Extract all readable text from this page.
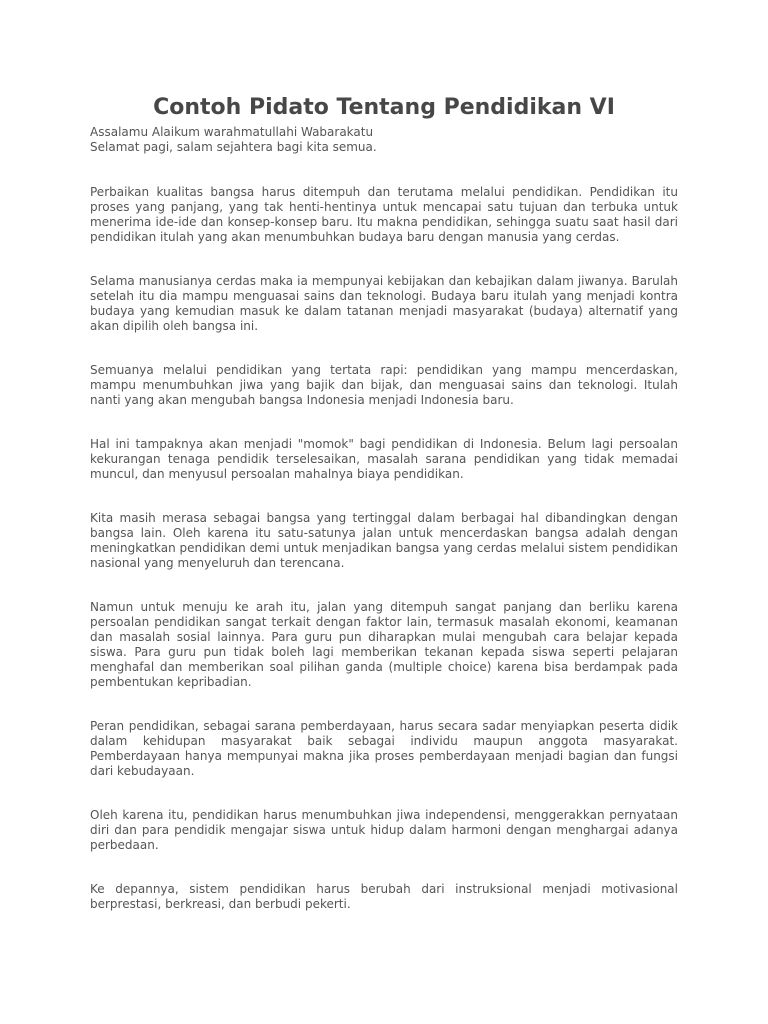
Contoh Pidato Tentang Pendidikan VI
Assalamu Alaikum warahmatullahi Wabarakatu
Selamat pagi, salam sejahtera bagi kita semua.

Perbaikan kualitas bangsa harus ditempuh dan terutama melalui pendidikan. Pendidikan itu proses yang panjang, yang tak henti-hentinya untuk mencapai satu tujuan dan terbuka untuk menerima ide-ide dan konsep-konsep baru. Itu makna pendidikan, sehingga suatu saat hasil dari pendidikan itulah yang akan menumbuhkan budaya baru dengan manusia yang cerdas.

Selama manusianya cerdas maka ia mempunyai kebijakan dan kebajikan dalam jiwanya. Barulah setelah itu dia mampu menguasai sains dan teknologi. Budaya baru itulah yang menjadi kontra budaya yang kemudian masuk ke dalam tatanan menjadi masyarakat (budaya) alternatif yang akan dipilih oleh bangsa ini.

Semuanya melalui pendidikan yang tertata rapi: pendidikan yang mampu mencerdaskan, mampu menumbuhkan jiwa yang bajik dan bijak, dan menguasai sains dan teknologi. Itulah nanti yang akan mengubah bangsa Indonesia menjadi Indonesia baru.

Hal ini tampaknya akan menjadi "momok" bagi pendidikan di Indonesia. Belum lagi persoalan kekurangan tenaga pendidik terselesaikan, masalah sarana pendidikan yang tidak memadai muncul, dan menyusul persoalan mahalnya biaya pendidikan.

Kita masih merasa sebagai bangsa yang tertinggal dalam berbagai hal dibandingkan dengan bangsa lain. Oleh karena itu satu-satunya jalan untuk mencerdaskan bangsa adalah dengan meningkatkan pendidikan demi untuk menjadikan bangsa yang cerdas melalui sistem pendidikan nasional yang menyeluruh dan terencana.

Namun untuk menuju ke arah itu, jalan yang ditempuh sangat panjang dan berliku karena persoalan pendidikan sangat terkait dengan faktor lain, termasuk masalah ekonomi, keamanan dan masalah sosial lainnya. Para guru pun diharapkan mulai mengubah cara belajar kepada siswa. Para guru pun tidak boleh lagi memberikan tekanan kepada siswa seperti pelajaran menghafal dan memberikan soal pilihan ganda (multiple choice) karena bisa berdampak pada pembentukan kepribadian.

Peran pendidikan, sebagai sarana pemberdayaan, harus secara sadar menyiapkan peserta didik dalam kehidupan masyarakat baik sebagai individu maupun anggota masyarakat. Pemberdayaan hanya mempunyai makna jika proses pemberdayaan menjadi bagian dan fungsi dari kebudayaan.

Oleh karena itu, pendidikan harus menumbuhkan jiwa independensi, menggerakkan pernyataan diri dan para pendidik mengajar siswa untuk hidup dalam harmoni dengan menghargai adanya perbedaan.

Ke depannya, sistem pendidikan harus berubah dari instruksional menjadi motivasional berprestasi, berkreasi, dan berbudi pekerti.
